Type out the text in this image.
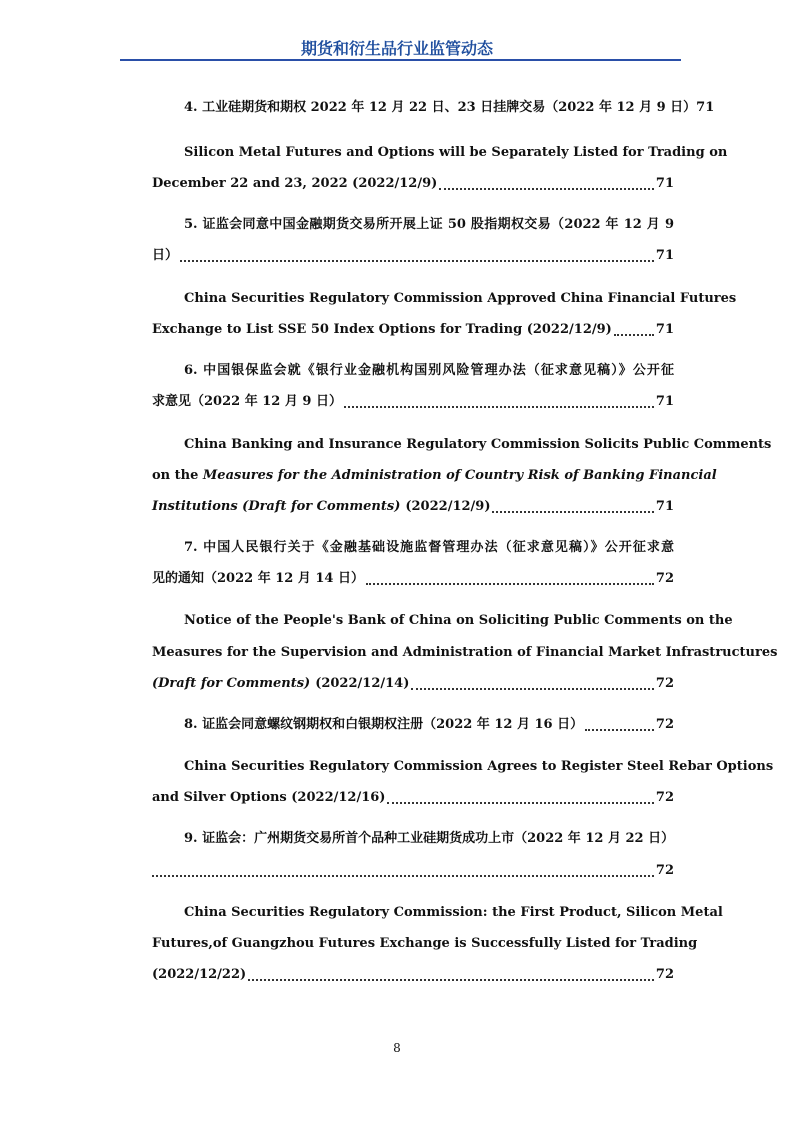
期货和衍生品行业监管动态
4. 工业硅期货和期权 2022 年 12 月 22 日、23 日挂牌交易（2022 年 12 月 9 日）71
Silicon Metal Futures and Options will be Separately Listed for Trading on
December 22 and 23, 2022 (2022/12/9)	71
5. 证监会同意中国金融期货交易所开展上证 50 股指期权交易（2022 年 12 月 9
日）	71
China Securities Regulatory Commission Approved China Financial Futures
Exchange to List SSE 50 Index Options for Trading (2022/12/9)	71
6. 中国银保监会就《银行业金融机构国别风险管理办法（征求意见稿）》公开征
求意见（2022 年 12 月 9 日）	71
China Banking and Insurance Regulatory Commission Solicits Public Comments
on the Measures for the Administration of Country Risk of Banking Financial
Institutions (Draft for Comments) (2022/12/9)	71
7. 中国人民银行关于《金融基础设施监督管理办法（征求意见稿）》公开征求意
见的通知（2022 年 12 月 14 日）	72
Notice of the People's Bank of China on Soliciting Public Comments on the
Measures for the Supervision and Administration of Financial Market Infrastructures
(Draft for Comments) (2022/12/14)	72
8. 证监会同意螺纹钢期权和白银期权注册（2022 年 12 月 16 日）	72
China Securities Regulatory Commission Agrees to Register Steel Rebar Options
and Silver Options (2022/12/16)	72
9. 证监会：广州期货交易所首个品种工业硅期货成功上市（2022 年 12 月 22 日）
72
China Securities Regulatory Commission: the First Product, Silicon Metal
Futures,of Guangzhou Futures Exchange is Successfully Listed for Trading
(2022/12/22)	72
8
